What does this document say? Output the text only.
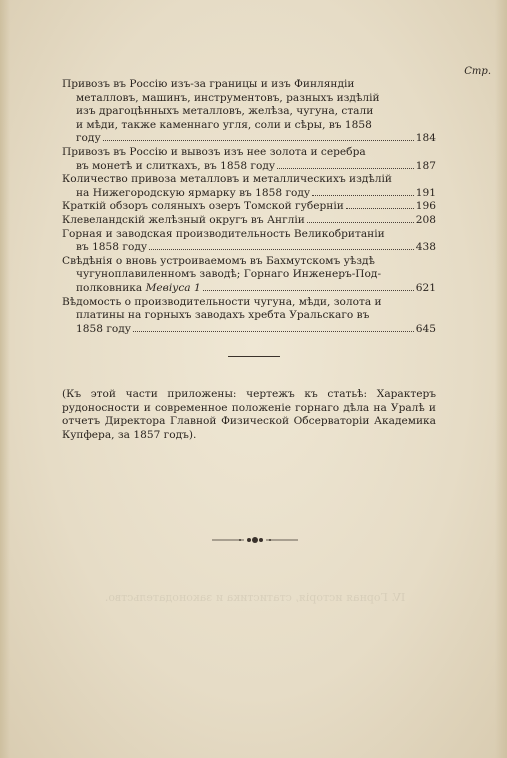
Стр.
Привозъ въ Россію изъ-за границы и изъ Финляндіи
металловъ, машинъ, инструментовъ, разныхъ издѣлій
изъ драгоцѣнныхъ металловъ, желѣза, чугуна, стали
и мѣди, также каменнаго угля, соли и сѣры, въ 1858
году	184
Привозъ въ Россію и вывозъ изъ нее золота и серебра
въ монетѣ и слиткахъ, въ 1858 году	187
Количество привоза металловъ и металлическихъ издѣлій
на Нижегородскую ярмарку въ 1858 году	191
Краткій обзоръ соляныхъ озеръ Томской губерніи	196
Клевеландскій желѣзный округъ въ Англіи	208
Горная и заводская производительность Великобританіи
въ 1858 году	438
Свѣдѣнія о вновь устроиваемомъ въ Бахмутскомъ уѣздѣ
чугуноплавиленномъ заводѣ; Горнаго Инженеръ-Под-
полковника Мевіуса 1	621
Вѣдомость о производительности чугуна, мѣди, золота и
платины на горныхъ заводахъ хребта Уральскаго въ
1858 году	645
(Къ этой части приложены: чертежъ къ статьѣ: Характеръ рудоносности и современное положеніе горнаго дѣла на Уралѣ и отчетъ Директора Главной Физической Обсерваторіи Академика Купфера, за 1857 годъ).
IV. Горная исторія, статистика и законодательство.
